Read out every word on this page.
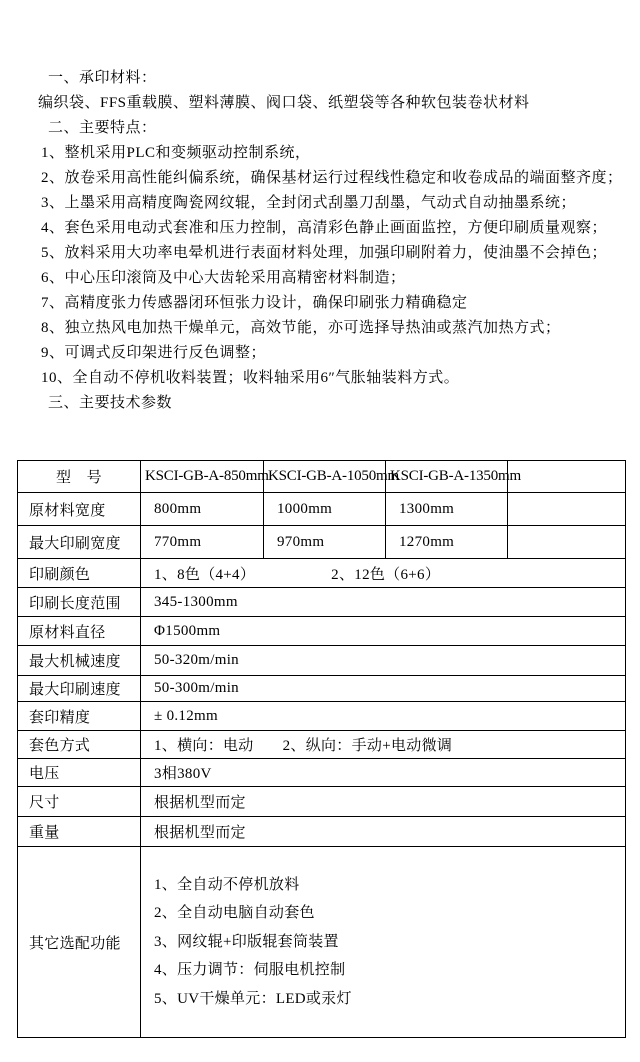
一、承印材料：

编织袋、FFS重载膜、塑料薄膜、阀口袋、纸塑袋等各种软包装卷状材料

二、主要特点：

1、整机采用PLC和变频驱动控制系统，

2、放卷采用高性能纠偏系统，确保基材运行过程线性稳定和收卷成品的端面整齐度；

3、上墨采用高精度陶瓷网纹辊，全封闭式刮墨刀刮墨，气动式自动抽墨系统；

4、套色采用电动式套准和压力控制，高清彩色静止画面监控，方便印刷质量观察；

5、放料采用大功率电晕机进行表面材料处理，加强印刷附着力，使油墨不会掉色；

6、中心压印滚筒及中心大齿轮采用高精密材料制造；

7、高精度张力传感器闭环恒张力设计，确保印刷张力精确稳定

8、独立热风电加热干燥单元，高效节能，亦可选择导热油或蒸汽加热方式；

9、可调式反印架进行反色调整；

10、全自动不停机收料装置；收料轴采用6″气胀轴装料方式。

三、主要技术参数

型　号	KSCI-GB-A-850mm	KSCI-GB-A-1050mm	KSCI-GB-A-1350mm	
原材料宽度	800mm	1000mm	1300mm	
最大印刷宽度	770mm	970mm	1270mm	
印刷颜色	1、8色（4+4） 2、12色（6+6）			
印刷长度范围	345-1300mm			
原材料直径	Φ1500mm			
最大机械速度	50-320m/min			
最大印刷速度	50-300m/min			
套印精度	± 0.12mm			
套色方式	1、横向：电动 2、纵向：手动+电动微调			
电压	3相380V			
尺寸	根据机型而定			
重量	根据机型而定			
其它选配功能	1、全自动不停机放料
2、全自动电脑自动套色
3、网纹辊+印版辊套筒装置
4、压力调节：伺服电机控制
5、UV干燥单元：LED或汞灯			
